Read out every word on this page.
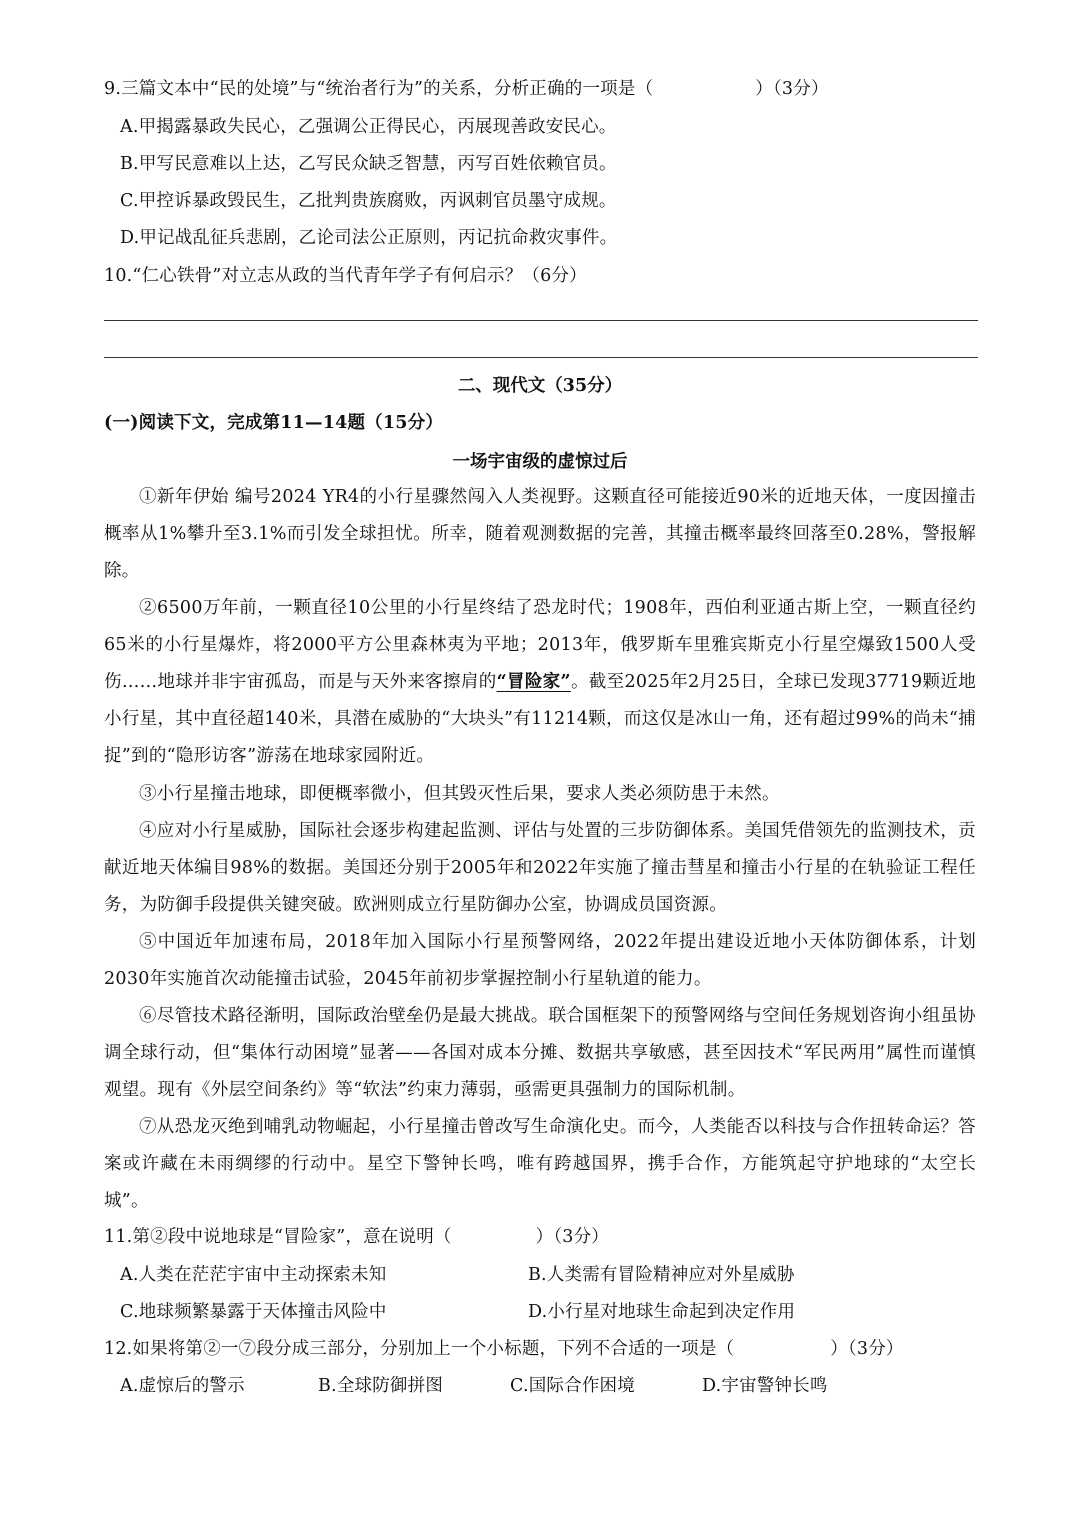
9.三篇文本中“民的处境”与“统治者行为”的关系，分析正确的一项是（	）（3分）
A.甲揭露暴政失民心，乙强调公正得民心，丙展现善政安民心。
B.甲写民意难以上达，乙写民众缺乏智慧，丙写百姓依赖官员。
C.甲控诉暴政毁民生，乙批判贵族腐败，丙讽刺官员墨守成规。
D.甲记战乱征兵悲剧，乙论司法公正原则，丙记抗命救灾事件。
10.“仁心铁骨”对立志从政的当代青年学子有何启示？（6分）
二、现代文（35分）
(一)阅读下文，完成第11—14题（15分）
一场宇宙级的虚惊过后
①新年伊始 编号2024 YR4的小行星骤然闯入人类视野。这颗直径可能接近90米的近地天体，一度因撞击概率从1%攀升至3.1%而引发全球担忧。所幸，随着观测数据的完善，其撞击概率最终回落至0.28%，警报解除。
②6500万年前，一颗直径10公里的小行星终结了恐龙时代；1908年，西伯利亚通古斯上空，一颗直径约65米的小行星爆炸，将2000平方公里森林夷为平地；2013年，俄罗斯车里雅宾斯克小行星空爆致1500人受伤……地球并非宇宙孤岛，而是与天外来客擦肩的“冒险家”。截至2025年2月25日，全球已发现37719颗近地小行星，其中直径超140米，具潜在威胁的“大块头”有11214颗，而这仅是冰山一角，还有超过99%的尚未“捕捉”到的“隐形访客”游荡在地球家园附近。
③小行星撞击地球，即便概率微小，但其毁灭性后果，要求人类必须防患于未然。
④应对小行星威胁，国际社会逐步构建起监测、评估与处置的三步防御体系。美国凭借领先的监测技术，贡献近地天体编目98%的数据。美国还分别于2005年和2022年实施了撞击彗星和撞击小行星的在轨验证工程任务，为防御手段提供关键突破。欧洲则成立行星防御办公室，协调成员国资源。
⑤中国近年加速布局，2018年加入国际小行星预警网络，2022年提出建设近地小天体防御体系，计划2030年实施首次动能撞击试验，2045年前初步掌握控制小行星轨道的能力。
⑥尽管技术路径渐明，国际政治壁垒仍是最大挑战。联合国框架下的预警网络与空间任务规划咨询小组虽协调全球行动，但“集体行动困境”显著——各国对成本分摊、数据共享敏感，甚至因技术“军民两用”属性而谨慎观望。现有《外层空间条约》等“软法”约束力薄弱，亟需更具强制力的国际机制。
⑦从恐龙灭绝到哺乳动物崛起，小行星撞击曾改写生命演化史。而今，人类能否以科技与合作扭转命运？答案或许藏在未雨绸缪的行动中。星空下警钟长鸣，唯有跨越国界，携手合作，方能筑起守护地球的“太空长城”。
11.第②段中说地球是“冒险家”，意在说明（	）（3分）
A.人类在茫茫宇宙中主动探索未知	B.人类需有冒险精神应对外星威胁
C.地球频繁暴露于天体撞击风险中	D.小行星对地球生命起到决定作用
12.如果将第②一⑦段分成三部分，分别加上一个小标题，下列不合适的一项是（	）（3分）
A.虚惊后的警示	B.全球防御拼图	C.国际合作困境	D.宇宙警钟长鸣
